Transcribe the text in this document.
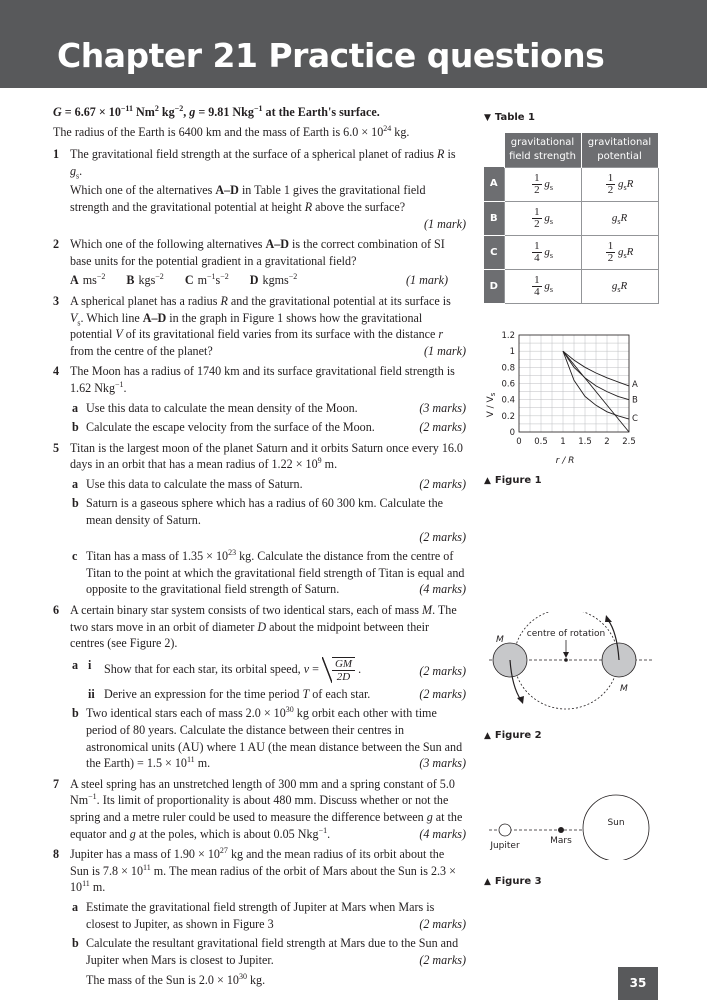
Chapter 21 Practice questions

$G = 6.67 \times 10^{-11}$ Nm$^2$ $kg^{-2}$, g = 9.81 Nkg$^{-1}$ at the Earth's surface.

The radius of the Earth is 6400 km and the mass of Earth is $6.0 \times 10^{24}$ kg.

1 The gravitational field strength at the surface of a spherical planet of radius R is $g_s$.

Which one of the alternatives A–D in Table 1 gives the gravitational field strength and the gravitational potential at height R above the surface?

(1 mark)

2 Which one of the following alternatives A–D is the correct combination of SI base units for the potential gradient in a gravitational field?

(1 mark)
A $ms^{-2}$ B kgs$^{-2}$ C $m^{-1}s^{-2}$ D kgms$^{-2}$

3 A spherical planet has a radius R and the gravitational potential at its surface is $V_s$. Which line A–D in the graph in Figure 1 shows how the gravitational potential V of its gravitational field varies from its surface with the distance r from the centre of the planet?	(1 mark)

4 The Moon has a radius of 1740 km and its surface gravitational field strength is 1.62 Nkg$^{-1}$.

a	(3 marks)
Use this data to calculate the mean density of the Moon.

b	(2 marks)
Calculate the escape velocity from the surface of the Moon.

5 Titan is the largest moon of the planet Saturn and it orbits Saturn once every 16.0 days in an orbit that has a mean radius of $1.22 \times 10^9$ m.

a	(2 marks)
Use this data to calculate the mass of Saturn.

b Saturn is a gaseous sphere which has a radius of 60 300 km. Calculate the mean density of Saturn.

(2 marks)

c Titan has a mass of $1.35 \times 10^{23}$ kg. Calculate the distance from the centre of Titan to the point at which the gravitational field strength of Titan is equal and opposite to the gravitational field strength of Saturn.	(4 marks)

6 A certain binary star system consists of two identical stars, each of mass M. The two stars move in an orbit of diameter D about the midpoint between their centres (see Figure 2).

a i	(2 marks)
Show that for each star, its orbital speed, $v = \frac{GM}{2D}$ .

ii	(2 marks)
Derive an expression for the time period T of each star.

b Two identical stars each of mass $2.0 \times 10^{30}$ kg orbit each other with time period of 80 years. Calculate the distance between their centres in astronomical units (AU) where 1 AU (the mean distance between the Sun and the Earth) = $1.5 \times 10^{11}$ m.	(3 marks)

7 A steel spring has an unstretched length of 300 mm and a spring constant of 5.0 $Nm^{-1}$. Its limit of proportionality is about 480 mm. Discuss whether or not the spring and a metre ruler could be used to measure the difference between g at the equator and g at the poles, which is about 0.05 Nkg$^{-1}$.	(4 marks)

8 Jupiter has a mass of $1.90 \times 10^{27}$ kg and the mean radius of its orbit about the Sun is $7.8 \times 10^{11}$ m. The mean radius of the orbit of Mars about the Sun is $2.3 \times 10^{11}$ m.

a Estimate the gravitational field strength of Jupiter at Mars when Mars is closest to Jupiter, as shown in Figure 3	(2 marks)

b Calculate the resultant gravitational field strength at Mars due to the Sun and Jupiter when Mars is closest to Jupiter.	(2 marks)

The mass of the Sun is $2.0 \times 10^{30}$ kg.

▼ Table 1
	gravitational field strength	gravitational potential
A	$\frac{1}{2} g_s$	$\frac{1}{2} g_sR$
B	$\frac{1}{2} g_s$	$g_sR$
C	$\frac{1}{4} g_s$	$\frac{1}{2} g_sR$
D	$\frac{1}{4} g_s$	$g_sR$
0
0.2
0.4
0.6
0.8
1
1.2
0 0.5 1 1.5 2 2.5
A
B
C
V / $V_s$
r / R
▲ Figure 1
centre of rotation
M
M
▲ Figure 2
Jupiter	Mars
Sun
▲ Figure 3
35
